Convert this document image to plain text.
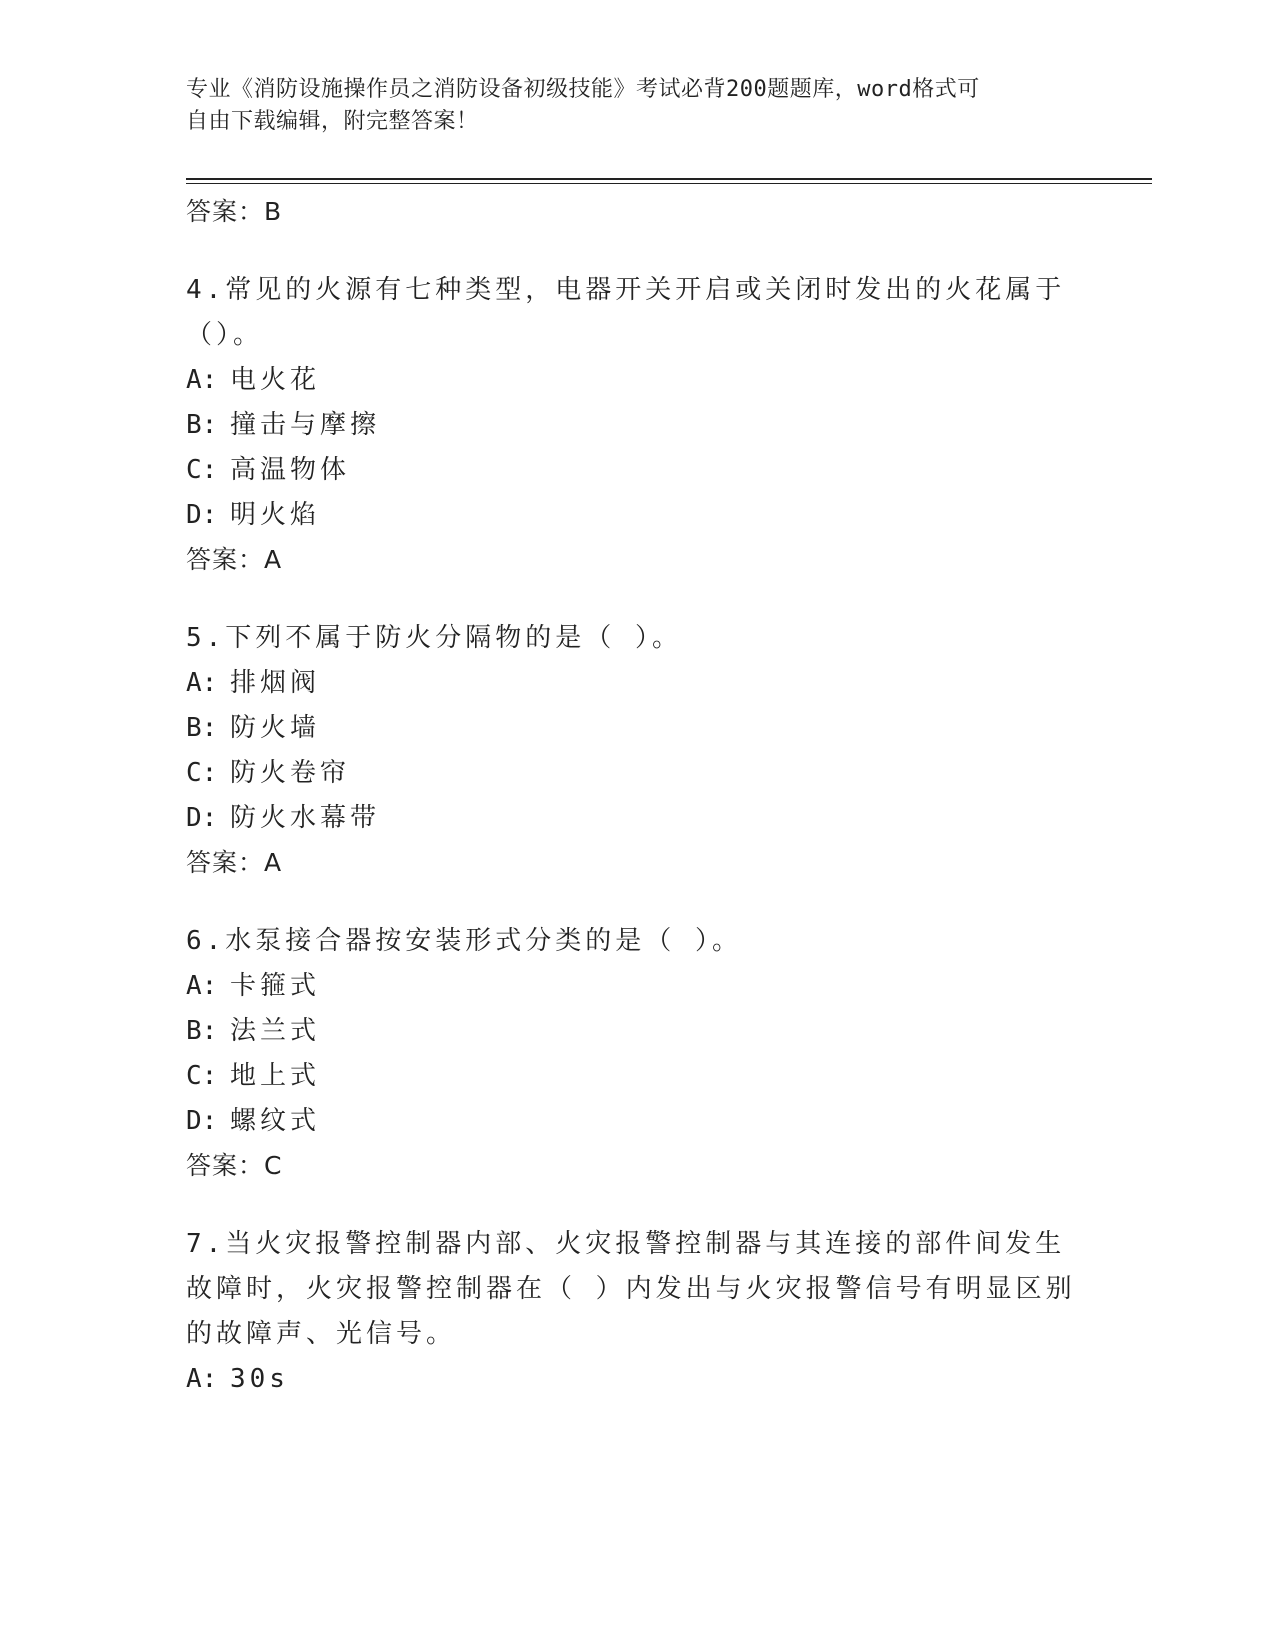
专业《消防设施操作员之消防设备初级技能》考试必背200题题库，word格式可
自由下载编辑，附完整答案！
答案：B
4.常见的火源有七种类型，电器开关开启或关闭时发出的火花属于（）。
A: 电火花
B: 撞击与摩擦
C: 高温物体
D: 明火焰
答案：A
5.下列不属于防火分隔物的是（ ）。
A: 排烟阀
B: 防火墙
C: 防火卷帘
D: 防火水幕带
答案：A
6.水泵接合器按安装形式分类的是（ ）。
A: 卡箍式
B: 法兰式
C: 地上式
D: 螺纹式
答案：C
7.当火灾报警控制器内部、火灾报警控制器与其连接的部件间发生故障时，火灾报警控制器在（ ）内发出与火灾报警信号有明显区别的故障声、光信号。
A: 30s
